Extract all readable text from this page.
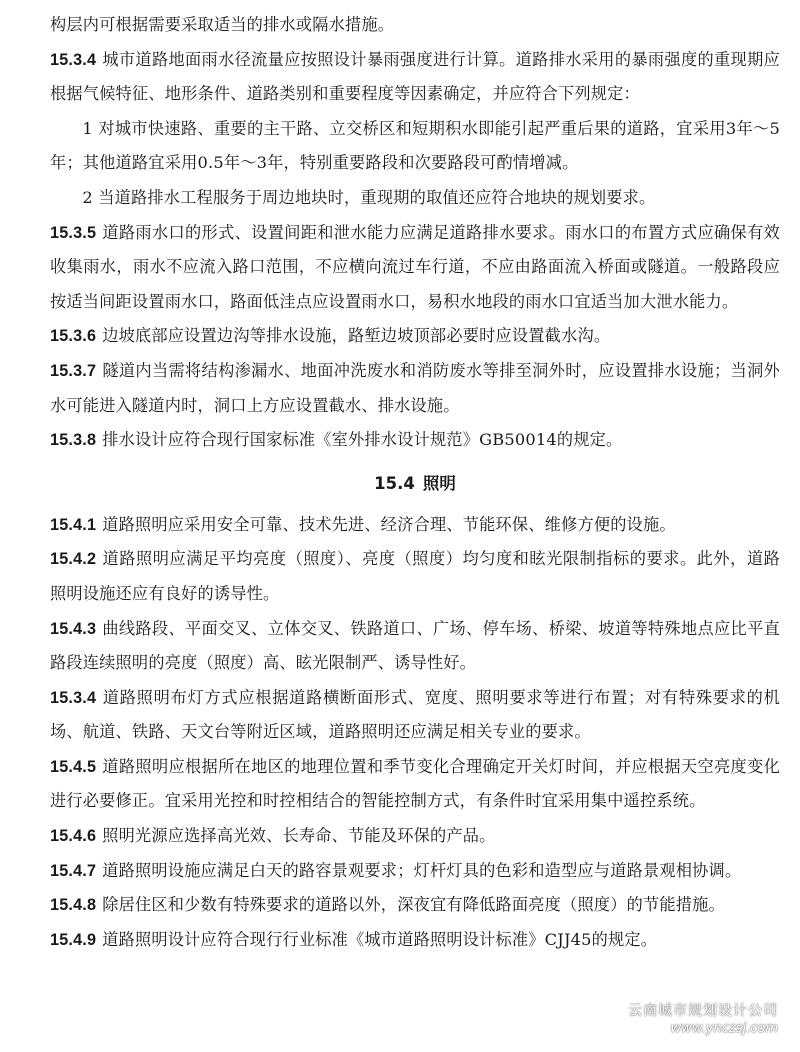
构层内可根据需要采取适当的排水或隔水措施。

15.3.4 城市道路地面雨水径流量应按照设计暴雨强度进行计算。道路排水采用的暴雨强度的重现期应根据气候特征、地形条件、道路类别和重要程度等因素确定，并应符合下列规定：

1 对城市快速路、重要的主干路、立交桥区和短期积水即能引起严重后果的道路，宜采用3年～5年；其他道路宜采用0.5年～3年，特别重要路段和次要路段可酌情增减。

2 当道路排水工程服务于周边地块时，重现期的取值还应符合地块的规划要求。

15.3.5 道路雨水口的形式、设置间距和泄水能力应满足道路排水要求。雨水口的布置方式应确保有效收集雨水，雨水不应流入路口范围，不应横向流过车行道，不应由路面流入桥面或隧道。一般路段应按适当间距设置雨水口，路面低洼点应设置雨水口，易积水地段的雨水口宜适当加大泄水能力。

15.3.6 边坡底部应设置边沟等排水设施，路堑边坡顶部必要时应设置截水沟。

15.3.7 隧道内当需将结构渗漏水、地面冲洗废水和消防废水等排至洞外时，应设置排水设施；当洞外水可能进入隧道内时，洞口上方应设置截水、排水设施。

15.3.8 排水设计应符合现行国家标准《室外排水设计规范》GB50014的规定。

15.4 照明

15.4.1 道路照明应采用安全可靠、技术先进、经济合理、节能环保、维修方便的设施。

15.4.2 道路照明应满足平均亮度（照度）、亮度（照度）均匀度和眩光限制指标的要求。此外，道路照明设施还应有良好的诱导性。

15.4.3 曲线路段、平面交叉、立体交叉、铁路道口、广场、停车场、桥梁、坡道等特殊地点应比平直路段连续照明的亮度（照度）高、眩光限制严、诱导性好。

15.3.4 道路照明布灯方式应根据道路横断面形式、宽度、照明要求等进行布置；对有特殊要求的机场、航道、铁路、天文台等附近区域，道路照明还应满足相关专业的要求。

15.4.5 道路照明应根据所在地区的地理位置和季节变化合理确定开关灯时间，并应根据天空亮度变化进行必要修正。宜采用光控和时控相结合的智能控制方式，有条件时宜采用集中遥控系统。

15.4.6 照明光源应选择高光效、长寿命、节能及环保的产品。

15.4.7 道路照明设施应满足白天的路容景观要求；灯杆灯具的色彩和造型应与道路景观相协调。

15.4.8 除居住区和少数有特殊要求的道路以外，深夜宜有降低路面亮度（照度）的节能措施。

15.4.9 道路照明设计应符合现行行业标准《城市道路照明设计标准》CJJ45的规定。

云南城市规划设计公司
www.ynczsj.com
